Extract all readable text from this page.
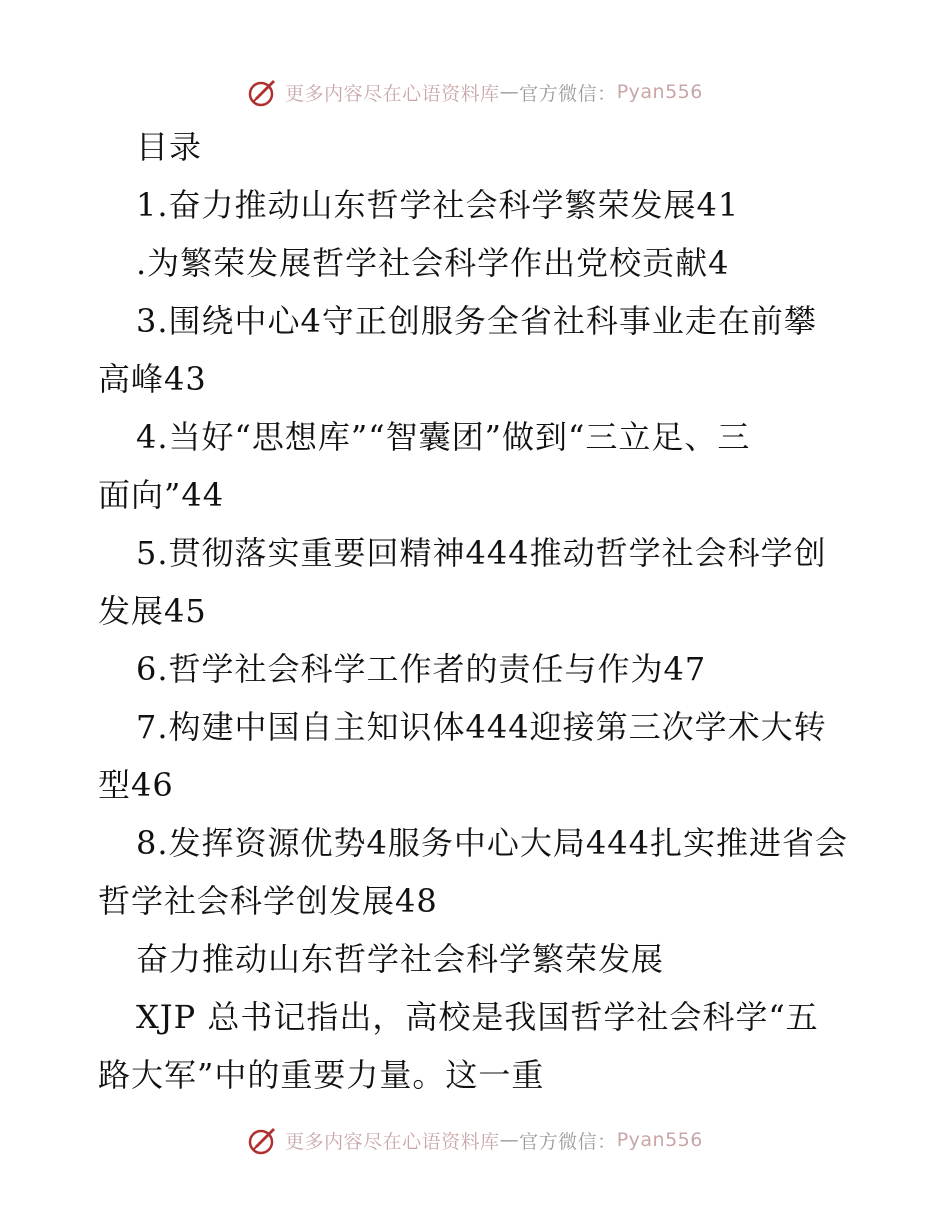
更多内容尽在心语资料库 — 官方微信： Pyan556
目录
1.奋力推动山东哲学社会科学繁荣发展41
.为繁荣发展哲学社会科学作出党校贡献4
3.围绕中心4守正创服务全省社科事业走在前攀
高峰43
4.当好“思想库”“智囊团”做到“三立足、三
面向”44
5.贯彻落实重要回精神444推动哲学社会科学创
发展45
6.哲学社会科学工作者的责任与作为47
7.构建中国自主知识体444迎接第三次学术大转
型46
8.发挥资源优势4服务中心大局444扎实推进省会
哲学社会科学创发展48
奋力推动山东哲学社会科学繁荣发展
XJP 总书记指出，高校是我国哲学社会科学“五
路大军”中的重要力量。这一重
更多内容尽在心语资料库 — 官方微信： Pyan556
